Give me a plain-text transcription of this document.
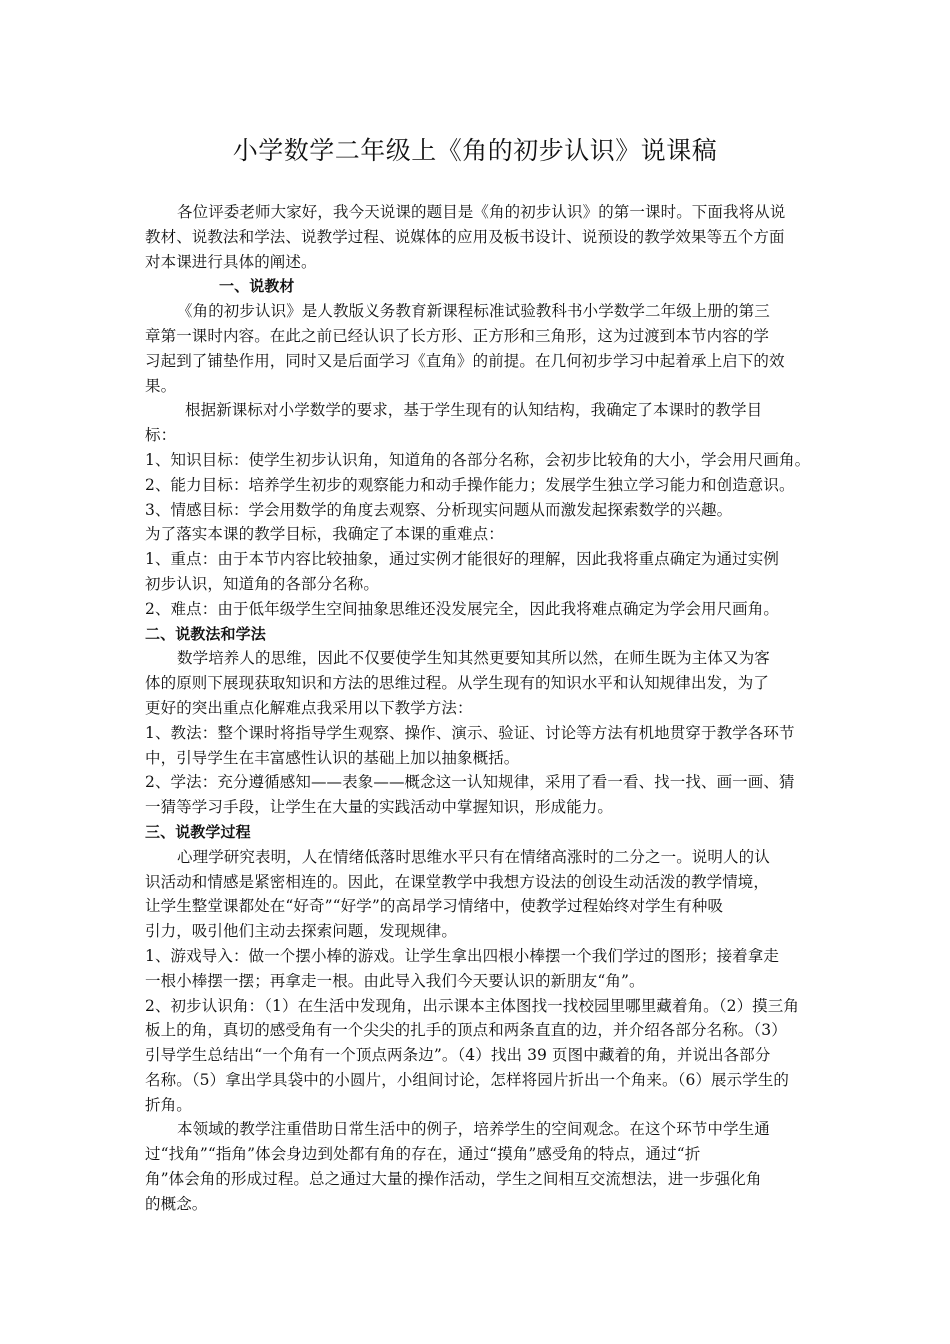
小学数学二年级上《角的初步认识》说课稿
各位评委老师大家好，我今天说课的题目是《角的初步认识》的第一课时。下面我将从说
教材、说教法和学法、说教学过程、说媒体的应用及板书设计、说预设的教学效果等五个方面
对本课进行具体的阐述。
一、说教材
《角的初步认识》是人教版义务教育新课程标准试验教科书小学数学二年级上册的第三
章第一课时内容。在此之前已经认识了长方形、正方形和三角形，这为过渡到本节内容的学
习起到了铺垫作用，同时又是后面学习《直角》的前提。在几何初步学习中起着承上启下的效
果。
根据新课标对小学数学的要求，基于学生现有的认知结构，我确定了本课时的教学目
标：
1、知识目标：使学生初步认识角，知道角的各部分名称，会初步比较角的大小，学会用尺画角。
2、能力目标：培养学生初步的观察能力和动手操作能力；发展学生独立学习能力和创造意识。
3、情感目标：学会用数学的角度去观察、分析现实问题从而激发起探索数学的兴趣。
为了落实本课的教学目标，我确定了本课的重难点：
1、重点：由于本节内容比较抽象，通过实例才能很好的理解，因此我将重点确定为通过实例
初步认识，知道角的各部分名称。
2、难点：由于低年级学生空间抽象思维还没发展完全，因此我将难点确定为学会用尺画角。
二、说教法和学法
数学培养人的思维，因此不仅要使学生知其然更要知其所以然，在师生既为主体又为客
体的原则下展现获取知识和方法的思维过程。从学生现有的知识水平和认知规律出发，为了
更好的突出重点化解难点我采用以下教学方法：
1、教法：整个课时将指导学生观察、操作、演示、验证、讨论等方法有机地贯穿于教学各环节
中，引导学生在丰富感性认识的基础上加以抽象概括。
2、学法：充分遵循感知——表象——概念这一认知规律，采用了看一看、找一找、画一画、猜
一猜等学习手段，让学生在大量的实践活动中掌握知识，形成能力。
三、说教学过程
心理学研究表明，人在情绪低落时思维水平只有在情绪高涨时的二分之一。说明人的认
识活动和情感是紧密相连的。因此，在课堂教学中我想方设法的创设生动活泼的教学情境，
让学生整堂课都处在“好奇”“好学”的高昂学习情绪中，使教学过程始终对学生有种吸
引力，吸引他们主动去探索问题，发现规律。
1、游戏导入：做一个摆小棒的游戏。让学生拿出四根小棒摆一个我们学过的图形；接着拿走
一根小棒摆一摆；再拿走一根。由此导入我们今天要认识的新朋友“角”。
2、初步认识角：（1）在生活中发现角，出示课本主体图找一找校园里哪里藏着角。（2）摸三角
板上的角，真切的感受角有一个尖尖的扎手的顶点和两条直直的边，并介绍各部分名称。（3）
引导学生总结出“一个角有一个顶点两条边”。（4）找出 39 页图中藏着的角，并说出各部分
名称。（5）拿出学具袋中的小圆片，小组间讨论，怎样将园片折出一个角来。（6）展示学生的
折角。
本领域的教学注重借助日常生活中的例子，培养学生的空间观念。在这个环节中学生通
过“找角”“指角”体会身边到处都有角的存在，通过“摸角”感受角的特点，通过“折
角”体会角的形成过程。总之通过大量的操作活动，学生之间相互交流想法，进一步强化角
的概念。
